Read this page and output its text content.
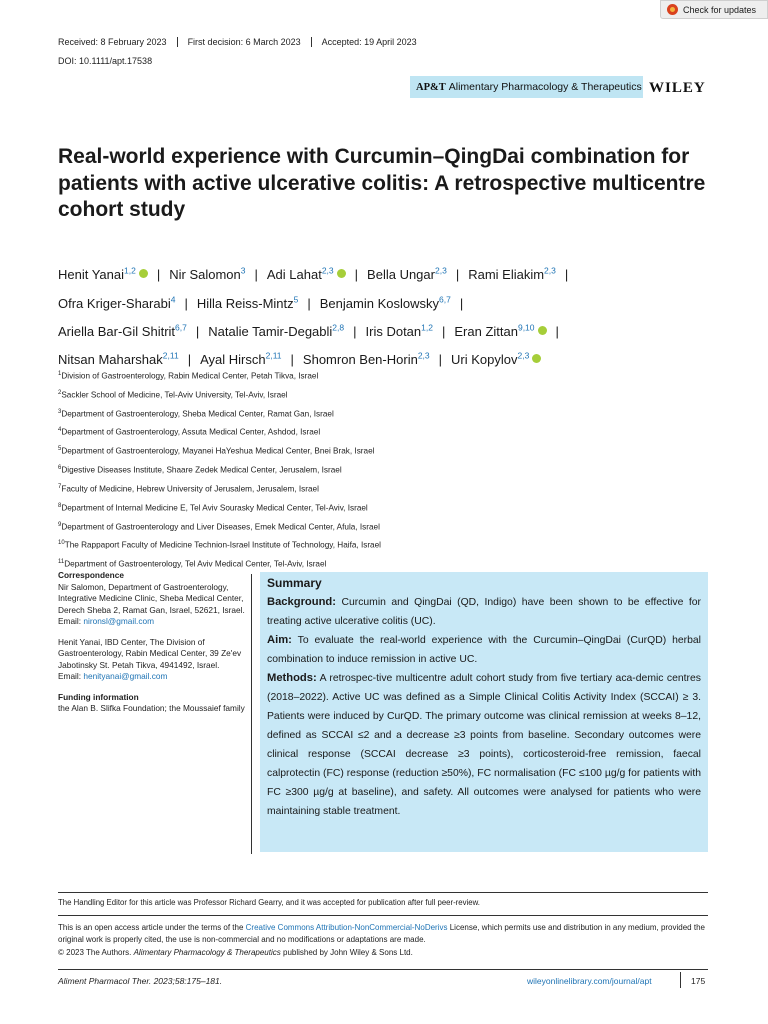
Check for updates
Received: 8 February 2023	First decision: 6 March 2023	Accepted: 19 April 2023
DOI: 10.1111/apt.17538
AP&T Alimentary Pharmacology & Therapeutics WILEY
Real-world experience with Curcumin–QingDai combination for patients with active ulcerative colitis: A retrospective multicentre cohort study
Henit Yanai$^{1,2}$ | Nir Salomon$^3$ | Adi Lahat$^{2,3}$ | Bella Ungar$^{2,3}$ | Rami Eliakim$^{2,3}$ |
Ofra Kriger-Sharabi$^4$ | Hilla Reiss-Mintz$^5$ | Benjamin Koslowsky$^{6,7}$ |
Ariella Bar-Gil Shitrit$^{6,7}$ | Natalie Tamir-Degabli$^{2,8}$ | Iris Dotan$^{1,2}$ | Eran Zittan$^{9,10}$ |
Nitsan Maharshak$^{2,11}$ | Ayal Hirsch$^{2,11}$ | Shomron Ben-Horin$^{2,3}$ | Uri Kopylov$^{2,3}$
$^1$Division of Gastroenterology, Rabin Medical Center, Petah Tikva, Israel
$^2$Sackler School of Medicine, Tel-Aviv University, Tel-Aviv, Israel
$^3$Department of Gastroenterology, Sheba Medical Center, Ramat Gan, Israel
$^4$Department of Gastroenterology, Assuta Medical Center, Ashdod, Israel
$^5$Department of Gastroenterology, Mayanei HaYeshua Medical Center, Bnei Brak, Israel
$^6$Digestive Diseases Institute, Shaare Zedek Medical Center, Jerusalem, Israel
$^7$Faculty of Medicine, Hebrew University of Jerusalem, Jerusalem, Israel
$^8$Department of Internal Medicine E, Tel Aviv Sourasky Medical Center, Tel-Aviv, Israel
$^9$Department of Gastroenterology and Liver Diseases, Emek Medical Center, Afula, Israel
$^{10}$The Rappaport Faculty of Medicine Technion-Israel Institute of Technology, Haifa, Israel
$^{11}$Department of Gastroenterology, Tel Aviv Medical Center, Tel-Aviv, Israel
Correspondence
Nir Salomon, Department of Gastroenterology, Integrative Medicine Clinic, Sheba Medical Center, Derech Sheba 2, Ramat Gan, Israel, 52621, Israel.
Email: nironsl@gmail.com
Henit Yanai, IBD Center, The Division of Gastroenterology, Rabin Medical Center, 39 Ze'ev Jabotinsky St. Petah Tikva, 4941492, Israel.
Email: henityanai@gmail.com
Funding information
the Alan B. Slifka Foundation; the Moussaief family
Summary

Background: Curcumin and QingDai (QD, Indigo) have been shown to be effective for treating active ulcerative colitis (UC).

Aim: To evaluate the real-world experience with the Curcumin–QingDai (CurQD) herbal combination to induce remission in active UC.

Methods: A retrospec-tive multicentre adult cohort study from five tertiary aca-demic centres (2018–2022). Active UC was defined as a Simple Clinical Colitis Activity Index (SCCAI) ≥ 3. Patients were induced by CurQD. The primary outcome was clinical remission at weeks 8–12, defined as SCCAI ≤2 and a decrease ≥3 points from baseline. Secondary outcomes were clinical response (SCCAI decrease ≥3 points), corticosteroid-free remission, faecal calprotectin (FC) response (reduction ≥50%), FC normalisation (FC ≤100 µg/g for patients with FC ≥300 µg/g at baseline), and safety. All outcomes were analysed for patients who were maintaining stable treatment.

The Handling Editor for this article was Professor Richard Gearry, and it was accepted for publication after full peer-review.
This is an open access article under the terms of the Creative Commons Attribution-NonCommercial-NoDerivs License, which permits use and distribution in any medium, provided the original work is properly cited, the use is non-commercial and no modifications or adaptations are made.
© 2023 The Authors. Alimentary Pharmacology & Therapeutics published by John Wiley & Sons Ltd.
Aliment Pharmacol Ther. 2023;58:175–181.	wileyonlinelibrary.com/journal/apt	175
